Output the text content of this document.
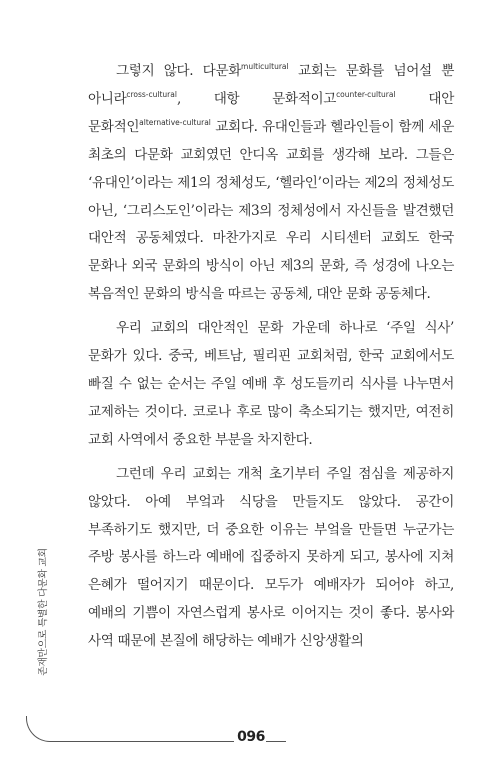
그렇지 않다. 다문화$^{multicultural}$ 교회는 문화를 넘어설 뿐 아니라$^{cross-cultural}$, 대항 문화적이고$^{counter-cultural}$ 대안 문화적인$^{alternative-cultural}$ 교회다. 유대인들과 헬라인들이 함께 세운 최초의 다문화 교회였던 안디옥 교회를 생각해 보라. 그들은 ‘유대인’이라는 제1의 정체성도, ‘헬라인’이라는 제2의 정체성도 아닌, ‘그리스도인’이라는 제3의 정체성에서 자신들을 발견했던 대안적 공동체였다. 마찬가지로 우리 시티센터 교회도 한국 문화나 외국 문화의 방식이 아닌 제3의 문화, 즉 성경에 나오는 복음적인 문화의 방식을 따르는 공동체, 대안 문화 공동체다.

우리 교회의 대안적인 문화 가운데 하나로 ‘주일 식사’ 문화가 있다. 중국, 베트남, 필리핀 교회처럼, 한국 교회에서도 빠질 수 없는 순서는 주일 예배 후 성도들끼리 식사를 나누면서 교제하는 것이다. 코로나 후로 많이 축소되기는 했지만, 여전히 교회 사역에서 중요한 부분을 차지한다.

그런데 우리 교회는 개척 초기부터 주일 점심을 제공하지 않았다. 아예 부엌과 식당을 만들지도 않았다. 공간이 부족하기도 했지만, 더 중요한 이유는 부엌을 만들면 누군가는 주방 봉사를 하느라 예배에 집중하지 못하게 되고, 봉사에 지쳐 은혜가 떨어지기 때문이다. 모두가 예배자가 되어야 하고, 예배의 기쁨이 자연스럽게 봉사로 이어지는 것이 좋다. 봉사와 사역 때문에 본질에 해당하는 예배가 신앙생활의

존재만으로 특별한 다문화 교회
096
